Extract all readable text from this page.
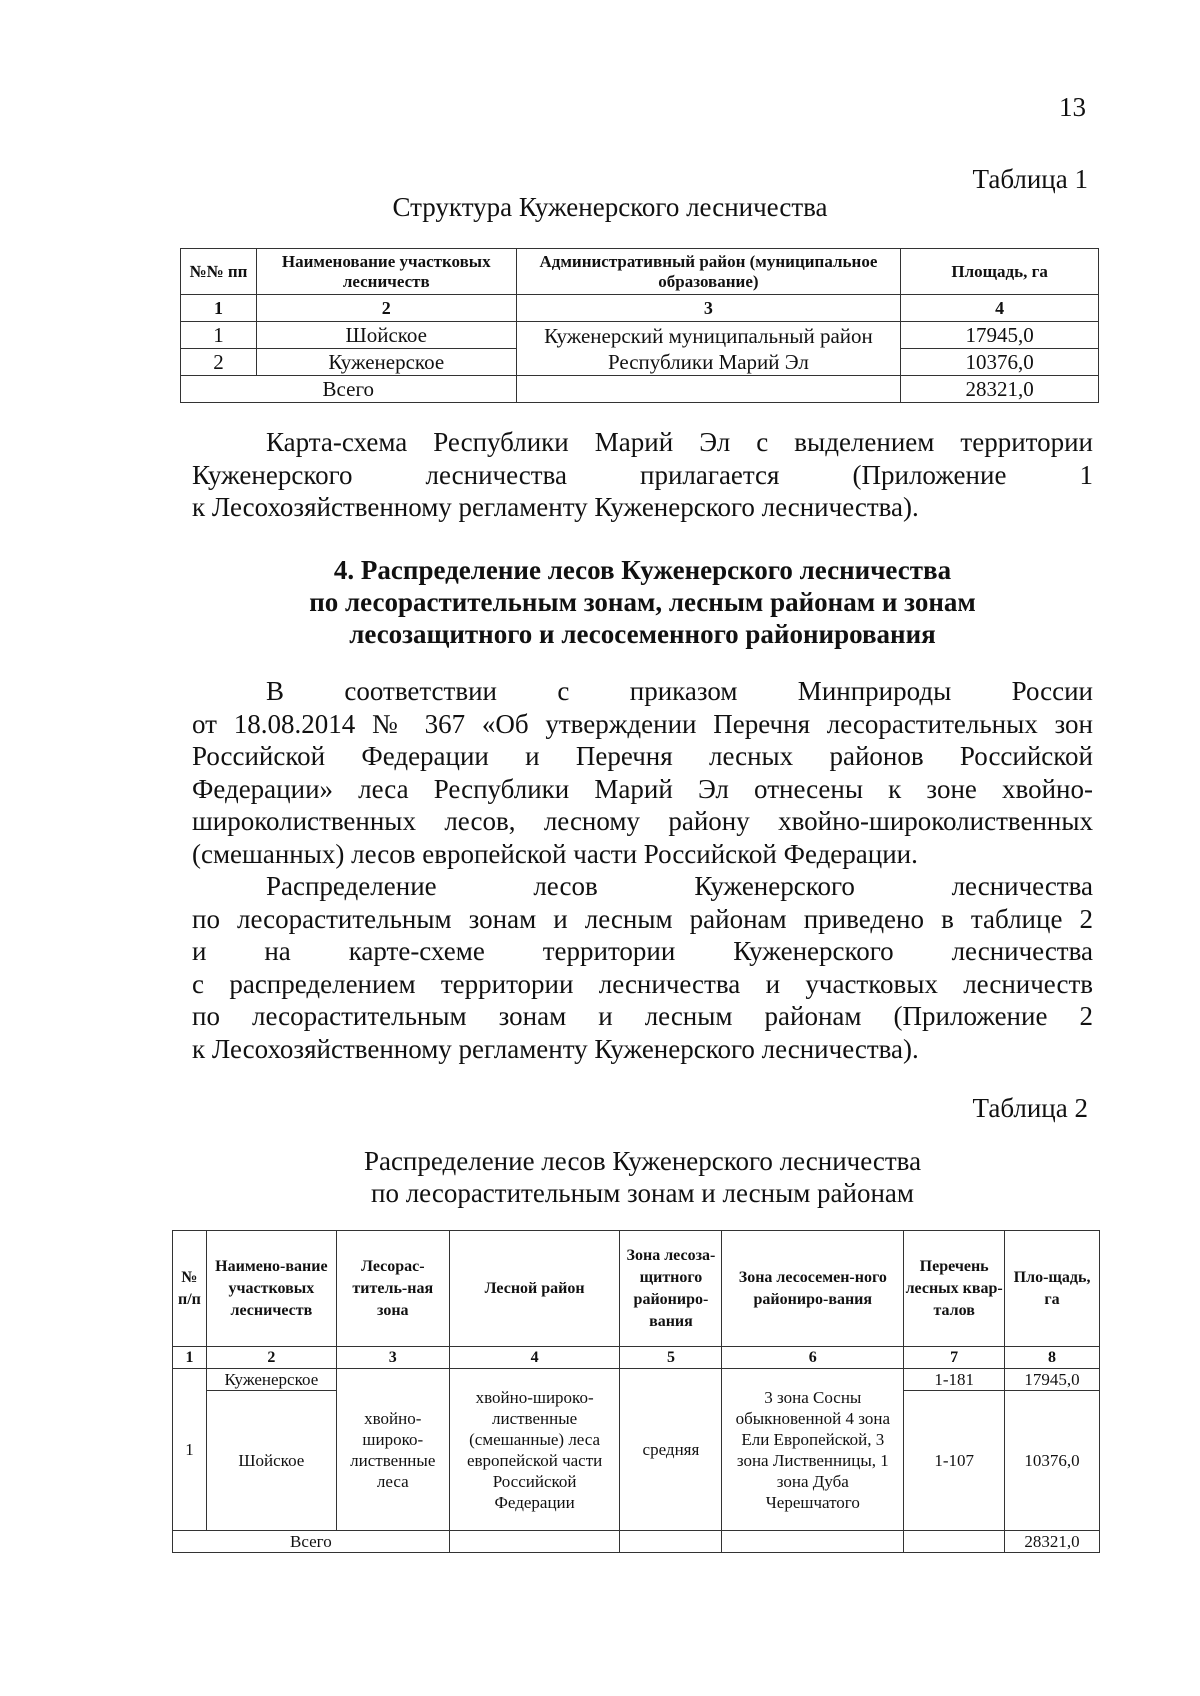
13
Таблица 1
Структура Куженерского лесничества
№№ пп	Наименование участковых лесничеств	Административный район (муниципальное образование)	Площадь, га
1	2	3	4
1	Шойское	Куженерский муниципальный район Республики Марий Эл	17945,0
2	Куженерское		10376,0
Всего			28321,0
Карта-схема Республики Марий Эл с выделением территории
Куженерского лесничества прилагается (Приложение 1
к Лесохозяйственному регламенту Куженерского лесничества).
4. Распределение лесов Куженерского лесничества
по лесорастительным зонам, лесным районам и зонам
лесозащитного и лесосеменного районирования
В соответствии с приказом Минприроды России
от 18.08.2014 № 367 «Об утверждении Перечня лесорастительных зон
Российской Федерации и Перечня лесных районов Российской
Федерации» леса Республики Марий Эл отнесены к зоне хвойно-
широколиственных лесов, лесному району хвойно-широколиственных
(смешанных) лесов европейской части Российской Федерации.
Распределение лесов Куженерского лесничества
по лесорастительным зонам и лесным районам приведено в таблице 2
и на карте-схеме территории Куженерского лесничества
с распределением территории лесничества и участковых лесничеств
по лесорастительным зонам и лесным районам (Приложение 2
к Лесохозяйственному регламенту Куженерского лесничества).
Таблица 2
Распределение лесов Куженерского лесничества
по лесорастительным зонам и лесным районам
№ п/п	Наимено-вание участковых лесничеств	Лесорас-титель-ная зона	Лесной район	Зона лесоза-щитного райониро-вания	Зона лесосемен-ного райониро-вания	Перечень лесных квар-талов	Пло-щадь, га
1	2	3	4	5	6	7	8
1	Куженерское	хвойно-широко-лиственные леса	хвойно-широко-лиственные (смешанные) леса европейской части Российской Федерации	средняя	3 зона Сосны обыкновенной 4 зона Ели Европейской, 3 зона Лиственницы, 1 зона Дуба Черешчатого	1-181	17945,0
	Шойское					1-107	10376,0
Всего							28321,0
